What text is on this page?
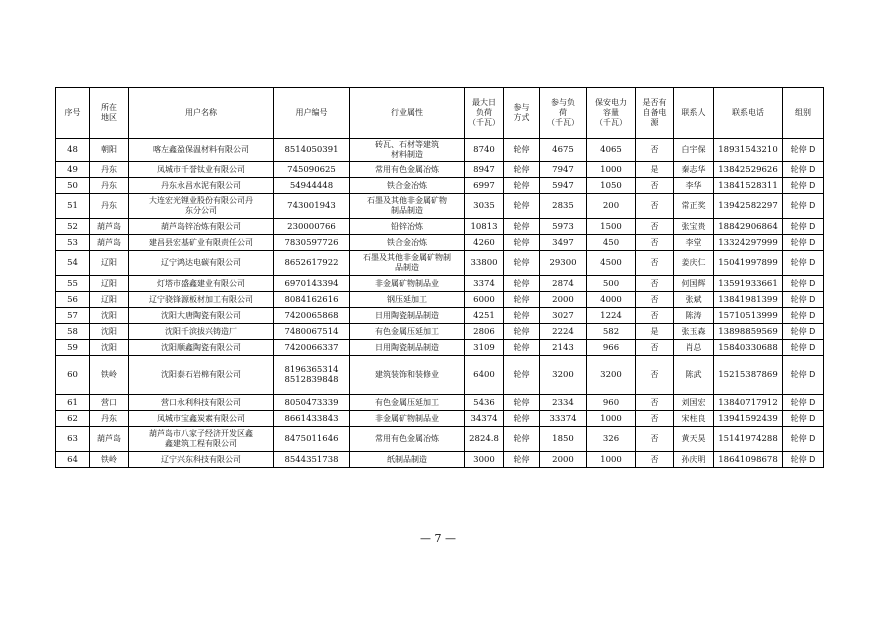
序号	所在
地区	用户名称	用户编号	行业属性	最大日
负荷
（千瓦）	参与
方式	参与负
荷
（千瓦）	保安电力
容量
（千瓦）	是否有
自备电
源	联系人	联系电话	组别
48	朝阳	喀左鑫盈保温材料有限公司	8514050391	砖瓦、石材等建筑
材料制造	8740	轮停	4675	4065	否	白宇保	18931543210	轮停 D
49	丹东	凤城市千誉钛业有限公司	745090625	常用有色金属冶炼	8947	轮停	7947	1000	是	秦志华	13842529626	轮停 D
50	丹东	丹东永昌水泥有限公司	54944448	铁合金冶炼	6997	轮停	5947	1050	否	李华	13841528311	轮停 D
51	丹东	大连宏光锂业股份有限公司丹
东分公司	743001943	石墨及其他非金属矿物
制品制造	3035	轮停	2835	200	否	常正奖	13942582297	轮停 D
52	葫芦岛	葫芦岛锌冶炼有限公司	230000766	铅锌冶炼	10813	轮停	5973	1500	否	张宝贵	18842906864	轮停 D
53	葫芦岛	建昌县宏基矿业有限责任公司	7830597726	铁合金冶炼	4260	轮停	3497	450	否	李堂	13324297999	轮停 D
54	辽阳	辽宁鸿达电碳有限公司	8652617922	石墨及其他非金属矿物制
品制造	33800	轮停	29300	4500	否	姜庆仁	15041997899	轮停 D
55	辽阳	灯塔市盛鑫建业有限公司	6970143394	非金属矿物制品业	3374	轮停	2874	500	否	何国辉	13591933661	轮停 D
56	辽阳	辽宁骁锋源板材加工有限公司	8084162616	钢压延加工	6000	轮停	2000	4000	否	张斌	13841981399	轮停 D
57	沈阳	沈阳大唐陶瓷有限公司	7420065868	日用陶瓷制品制造	4251	轮停	3027	1224	否	陈涛	15710513999	轮停 D
58	沈阳	沈阳千滨拔兴铸造厂	7480067514	有色金属压延加工	2806	轮停	2224	582	是	张玉森	13898859569	轮停 D
59	沈阳	沈阳顺鑫陶瓷有限公司	7420066337	日用陶瓷制品制造	3109	轮停	2143	966	否	肖总	15840330688	轮停 D
60	铁岭	沈阳泰石岩棉有限公司	8196365314
8512839848	建筑装饰和装修业	6400	轮停	3200	3200	否	陈武	15215387869	轮停 D
61	营口	营口永利科技有限公司	8050473339	有色金属压延加工	5436	轮停	2334	960	否	刘国宏	13840717912	轮停 D
62	丹东	凤城市宝鑫炭素有限公司	8661433843	非金属矿物制品业	34374	轮停	33374	1000	否	宋柱良	13941592439	轮停 D
63	葫芦岛	葫芦岛市八家子经济开发区鑫
鑫建筑工程有限公司	8475011646	常用有色金属冶炼	2824.8	轮停	1850	326	否	黄天昊	15141974288	轮停 D
64	铁岭	辽宁兴东科技有限公司	8544351738	纸制品制造	3000	轮停	2000	1000	否	孙庆明	18641098678	轮停 D
— 7 —
